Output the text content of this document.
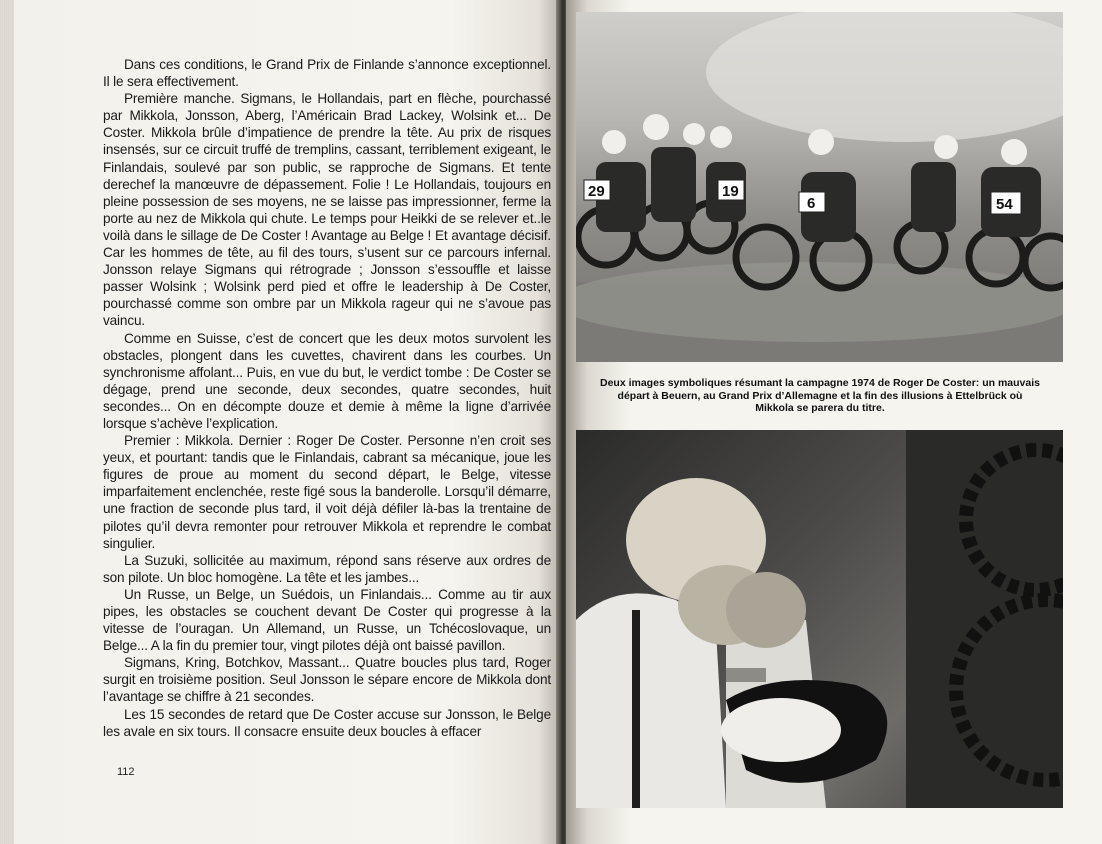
Dans ces conditions, le Grand Prix de Finlande s’annonce exceptionnel. Il le sera effectivement.

Première manche. Sigmans, le Hollandais, part en flèche, pourchassé par Mikkola, Jonsson, Aberg, l’Américain Brad Lackey, Wolsink et... De Coster. Mikkola brûle d’impatience de prendre la tête. Au prix de risques insensés, sur ce circuit truffé de tremplins, cassant, terriblement exigeant, le Finlandais, soulevé par son public, se rapproche de Sigmans. Et tente derechef la manœuvre de dépassement. Folie ! Le Hollandais, toujours en pleine possession de ses moyens, ne se laisse pas impressionner, ferme la porte au nez de Mikkola qui chute. Le temps pour Heikki de se relever et..le voilà dans le sillage de De Coster ! Avantage au Belge ! Et avantage décisif. Car les hommes de tête, au fil des tours, s’usent sur ce parcours infernal. Jonsson relaye Sigmans qui rétrograde ; Jonsson s’essouffle et laisse passer Wolsink ; Wolsink perd pied et offre le leadership à De Coster, pourchassé comme son ombre par un Mikkola rageur qui ne s’avoue pas vaincu.

Comme en Suisse, c’est de concert que les deux motos survolent les obstacles, plongent dans les cuvettes, chavirent dans les courbes. Un synchronisme affolant... Puis, en vue du but, le verdict tombe : De Coster se dégage, prend une seconde, deux secondes, quatre secondes, huit secondes... On en décompte douze et demie à même la ligne d’arrivée lorsque s’achève l’explication.

Premier : Mikkola. Dernier : Roger De Coster. Personne n’en croit ses yeux, et pourtant: tandis que le Finlandais, cabrant sa mécanique, joue les figures de proue au moment du second départ, le Belge, vitesse imparfaitement enclenchée, reste figé sous la banderolle. Lorsqu’il démarre, une fraction de seconde plus tard, il voit déjà défiler là-bas la trentaine de pilotes qu’il devra remonter pour retrouver Mikkola et reprendre le combat singulier.

La Suzuki, sollicitée au maximum, répond sans réserve aux ordres de son pilote. Un bloc homogène. La tête et les jambes...

Un Russe, un Belge, un Suédois, un Finlandais... Comme au tir aux pipes, les obstacles se couchent devant De Coster qui progresse à la vitesse de l’ouragan. Un Allemand, un Russe, un Tchécoslovaque, un Belge... A la fin du premier tour, vingt pilotes déjà ont baissé pavillon.

Sigmans, Kring, Botchkov, Massant... Quatre boucles plus tard, Roger surgit en troisième position. Seul Jonsson le sépare encore de Mikkola dont l’avantage se chiffre à 21 secondes.

Les 15 secondes de retard que De Coster accuse sur Jonsson, le Belge les avale en six tours. Il consacre ensuite deux boucles à effacer

112
29	19
6	54
Deux images symboliques résumant la campagne 1974 de Roger De Coster: un mauvais départ à Beuern, au Grand Prix d’Allemagne et la fin des illusions à Ettelbrück où Mikkola se parera du titre.
